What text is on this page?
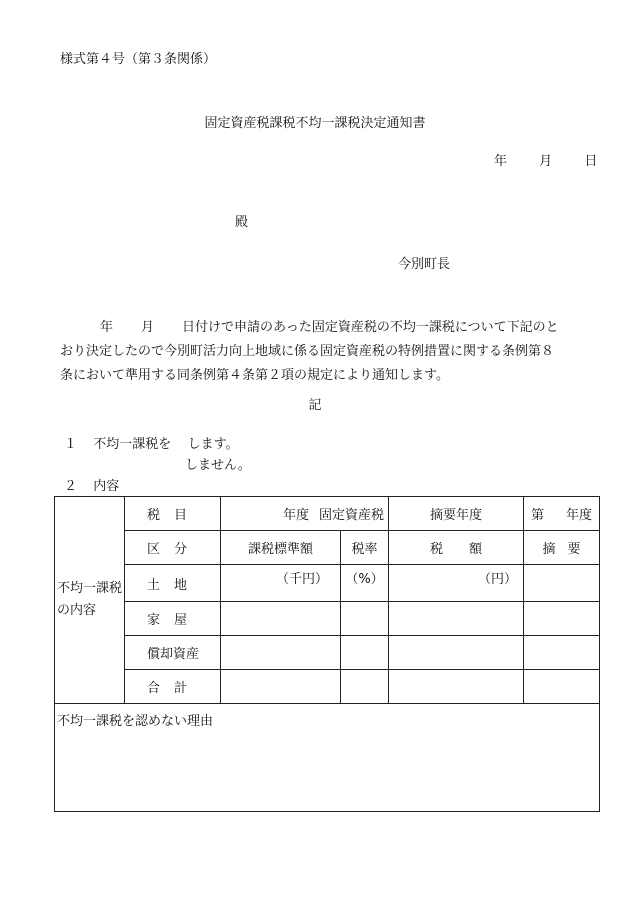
様式第４号（第３条関係）
固定資産税課税不均一課税決定通知書
年 月 日
殿
今別町長
年 月 日付けで申請のあった固定資産税の不均一課税について下記のと
おり決定したので今別町活力向上地域に係る固定資産税の特例措置に関する条例第８
条において準用する同条例第４条第２項の規定により通知します。
記
１ 不均一課税を します。
しません。
２ 内容
不均一課税の内容	税目	年度 固定資産税		摘要年度	第 年度
	区分	課税標準額	税率	税額	摘要
	土地	（千円）	（%）	（円）	
	家屋				
	償却資産				
	合計				
不均一課税を認めない理由					
